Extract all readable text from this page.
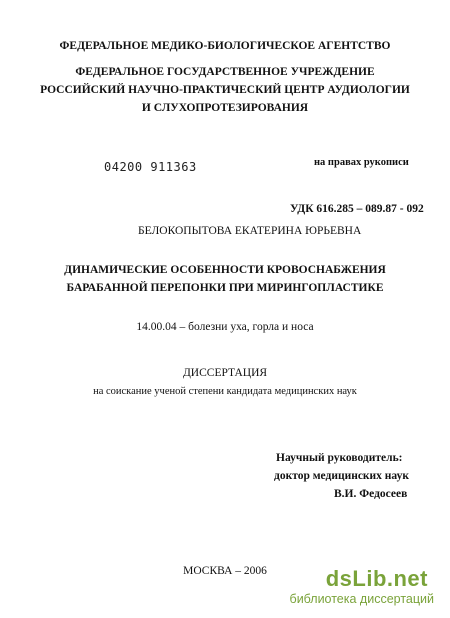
ФЕДЕРАЛЬНОЕ МЕДИКО-БИОЛОГИЧЕСКОЕ АГЕНТСТВО
ФЕДЕРАЛЬНОЕ ГОСУДАРСТВЕННОЕ УЧРЕЖДЕНИЕ
РОССИЙСКИЙ НАУЧНО-ПРАКТИЧЕСКИЙ ЦЕНТР АУДИОЛОГИИ
И СЛУХОПРОТЕЗИРОВАНИЯ
04200 911363	на правах рукописи
УДК 616.285 – 089.87 - 092
БЕЛОКОПЫТОВА ЕКАТЕРИНА ЮРЬЕВНА
ДИНАМИЧЕСКИЕ ОСОБЕННОСТИ КРОВОСНАБЖЕНИЯ
БАРАБАННОЙ ПЕРЕПОНКИ ПРИ МИРИНГОПЛАСТИКЕ
14.00.04 – болезни уха, горла и носа
ДИССЕРТАЦИЯ
на соискание ученой степени кандидата медицинских наук
Научный руководитель:
доктор медицинских наук
В.И. Федосеев
МОСКВА – 2006	dsLib.net
библиотека диссертаций
